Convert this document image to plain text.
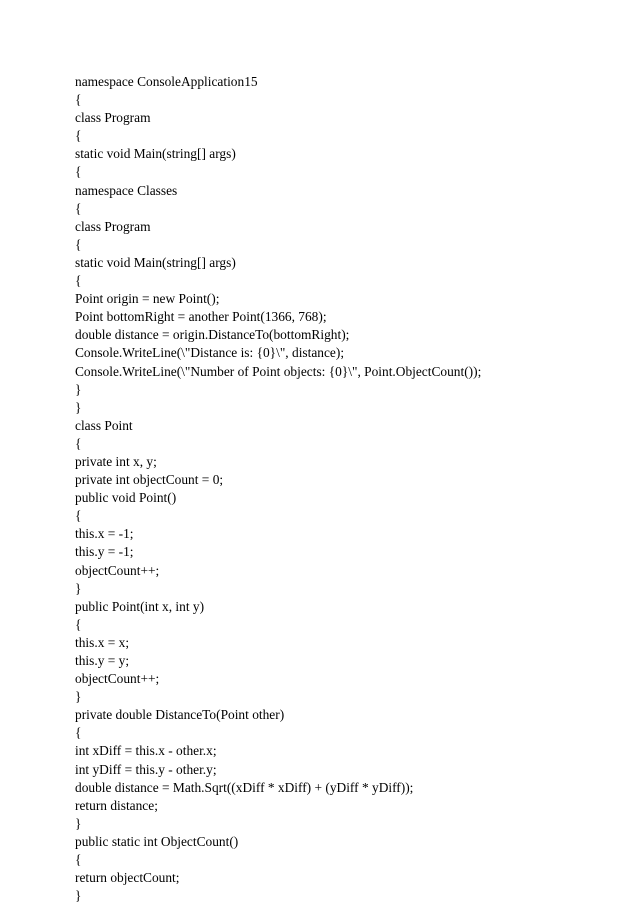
namespace ConsoleApplication15
{
class Program
{
static void Main(string[] args)
{
namespace Classes
{
class Program
{
static void Main(string[] args)
{
Point origin = new Point();
Point bottomRight = another Point(1366, 768);
double distance = origin.DistanceTo(bottomRight);
Console.WriteLine(\"Distance is: {0}\", distance);
Console.WriteLine(\"Number of Point objects: {0}\", Point.ObjectCount());
}
}
class Point
{
private int x, y;
private int objectCount = 0;
public void Point()
{
this.x = -1;
this.y = -1;
objectCount++;
}
public Point(int x, int y)
{
this.x = x;
this.y = y;
objectCount++;
}
private double DistanceTo(Point other)
{
int xDiff = this.x - other.x;
int yDiff = this.y - other.y;
double distance = Math.Sqrt((xDiff * xDiff) + (yDiff * yDiff));
return distance;
}
public static int ObjectCount()
{
return objectCount;
}
